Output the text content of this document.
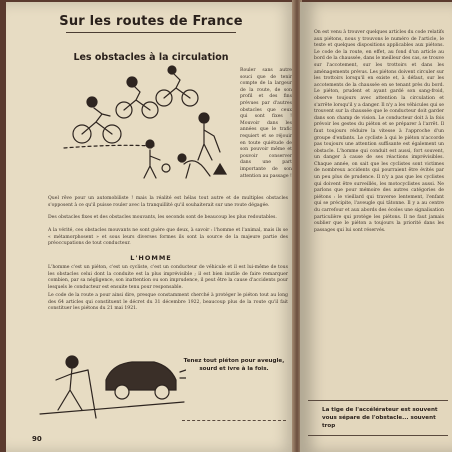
Sur les routes de France
Les obstacles à la circulation
Rouler sans autre souci que de tenir compte de la largeur de la route, de son profil et des fins prévues par d'autres obstacles que ceux qui sont fixes ! Mouvoir dans les années que le trafic requiert et se réjouir en toute quiétude de son pouvoir même et pouvoir conserver dans une part importante de son attention au passage !
Quel rêve pour un automobiliste ! mais la réalité est hélas tout autre et de multiples obstacles s'opposent à ce qu'il puisse rouler avec la tranquillité qu'il souhaiterait sur une route dégagée.
Des obstacles fixes et des obstacles mouvants, les seconds sont de beaucoup les plus redoutables.
A la vérité, ces obstacles mouvants ne sont guère que deux, à savoir : l'homme et l'animal, mais ils se « métamorphosent » et sous leurs diverses formes ils sont la source de la majeure partie des préoccupations de tout conducteur.
L'HOMME
L'homme c'est un piéton, c'est un cycliste, c'est un conducteur de véhicule et il est lui-même de tous les obstacles celui dont la conduite est la plus imprévisible ; il est bien inutile de faire remarquer combien, par sa négligence, son inattention ou son imprudence, il peut être la cause d'accidents pour lesquels le conducteur est ensuite tenu pour responsable.
Le code de la route a pour ainsi dire, presque constamment cherché à protéger le piéton tout au long des 64 articles qui constituent le décret du 31 décembre 1922, beaucoup plus de la route qu'il fait constituer les piétons du 21 mai 1921.
Tenez tout piéton pour aveugle, sourd et ivre à la fois.
90
On est venu à trouver quelques articles du code relatifs aux piétons, nous y trouvons le numéro de l'article, le texte et quelques dispositions applicables aux piétons. Le code de la route, en effet, au fond d'un article au bord de la chaussée, dans le meilleur des cas, se trouve sur l'accotement, sur les trottoirs et dans les aménagements prévus. Les piétons doivent circuler sur les trottoirs lorsqu'il en existe et, à défaut, sur les accotements de la chaussée en se tenant près du bord. Le piéton, prudent et ayant gardé son sang-froid, observe toujours avec attention la circulation et s'arrête lorsqu'il y a danger. Il n'y a les véhicules qui se trouvent sur la chaussée que le conducteur doit garder dans son champ de vision. Le conducteur doit à la fois prévoir les gestes du piéton et se préparer à l'arrêt. Il faut toujours réduire la vitesse à l'approche d'un groupe d'enfants. Le cycliste à qui le piéton n'accorde pas toujours une attention suffisante est également un obstacle. L'homme qui conduit est aussi, fort souvent, un danger à cause de ses réactions imprévisibles. Chaque année, on sait que les cyclistes sont victimes de nombreux accidents qui pourraient être évités par un peu plus de prudence. Il n'y a pas que les cyclistes qui doivent être surveillés, les motocyclistes aussi. Ne parlons que pour mémoire des autres catégories de piétons : le vieillard qui traverse lentement, l'enfant qui se précipite, l'aveugle qui tâtonne. Il y a au centre du carrefour et aux abords des écoles une signalisation particulière qui protège les piétons. Il ne faut jamais oublier que le piéton a toujours la priorité dans les passages qui lui sont réservés.
La tige de l'accélérateur est souvent vous sépare de l'obstacle... souvent trop
